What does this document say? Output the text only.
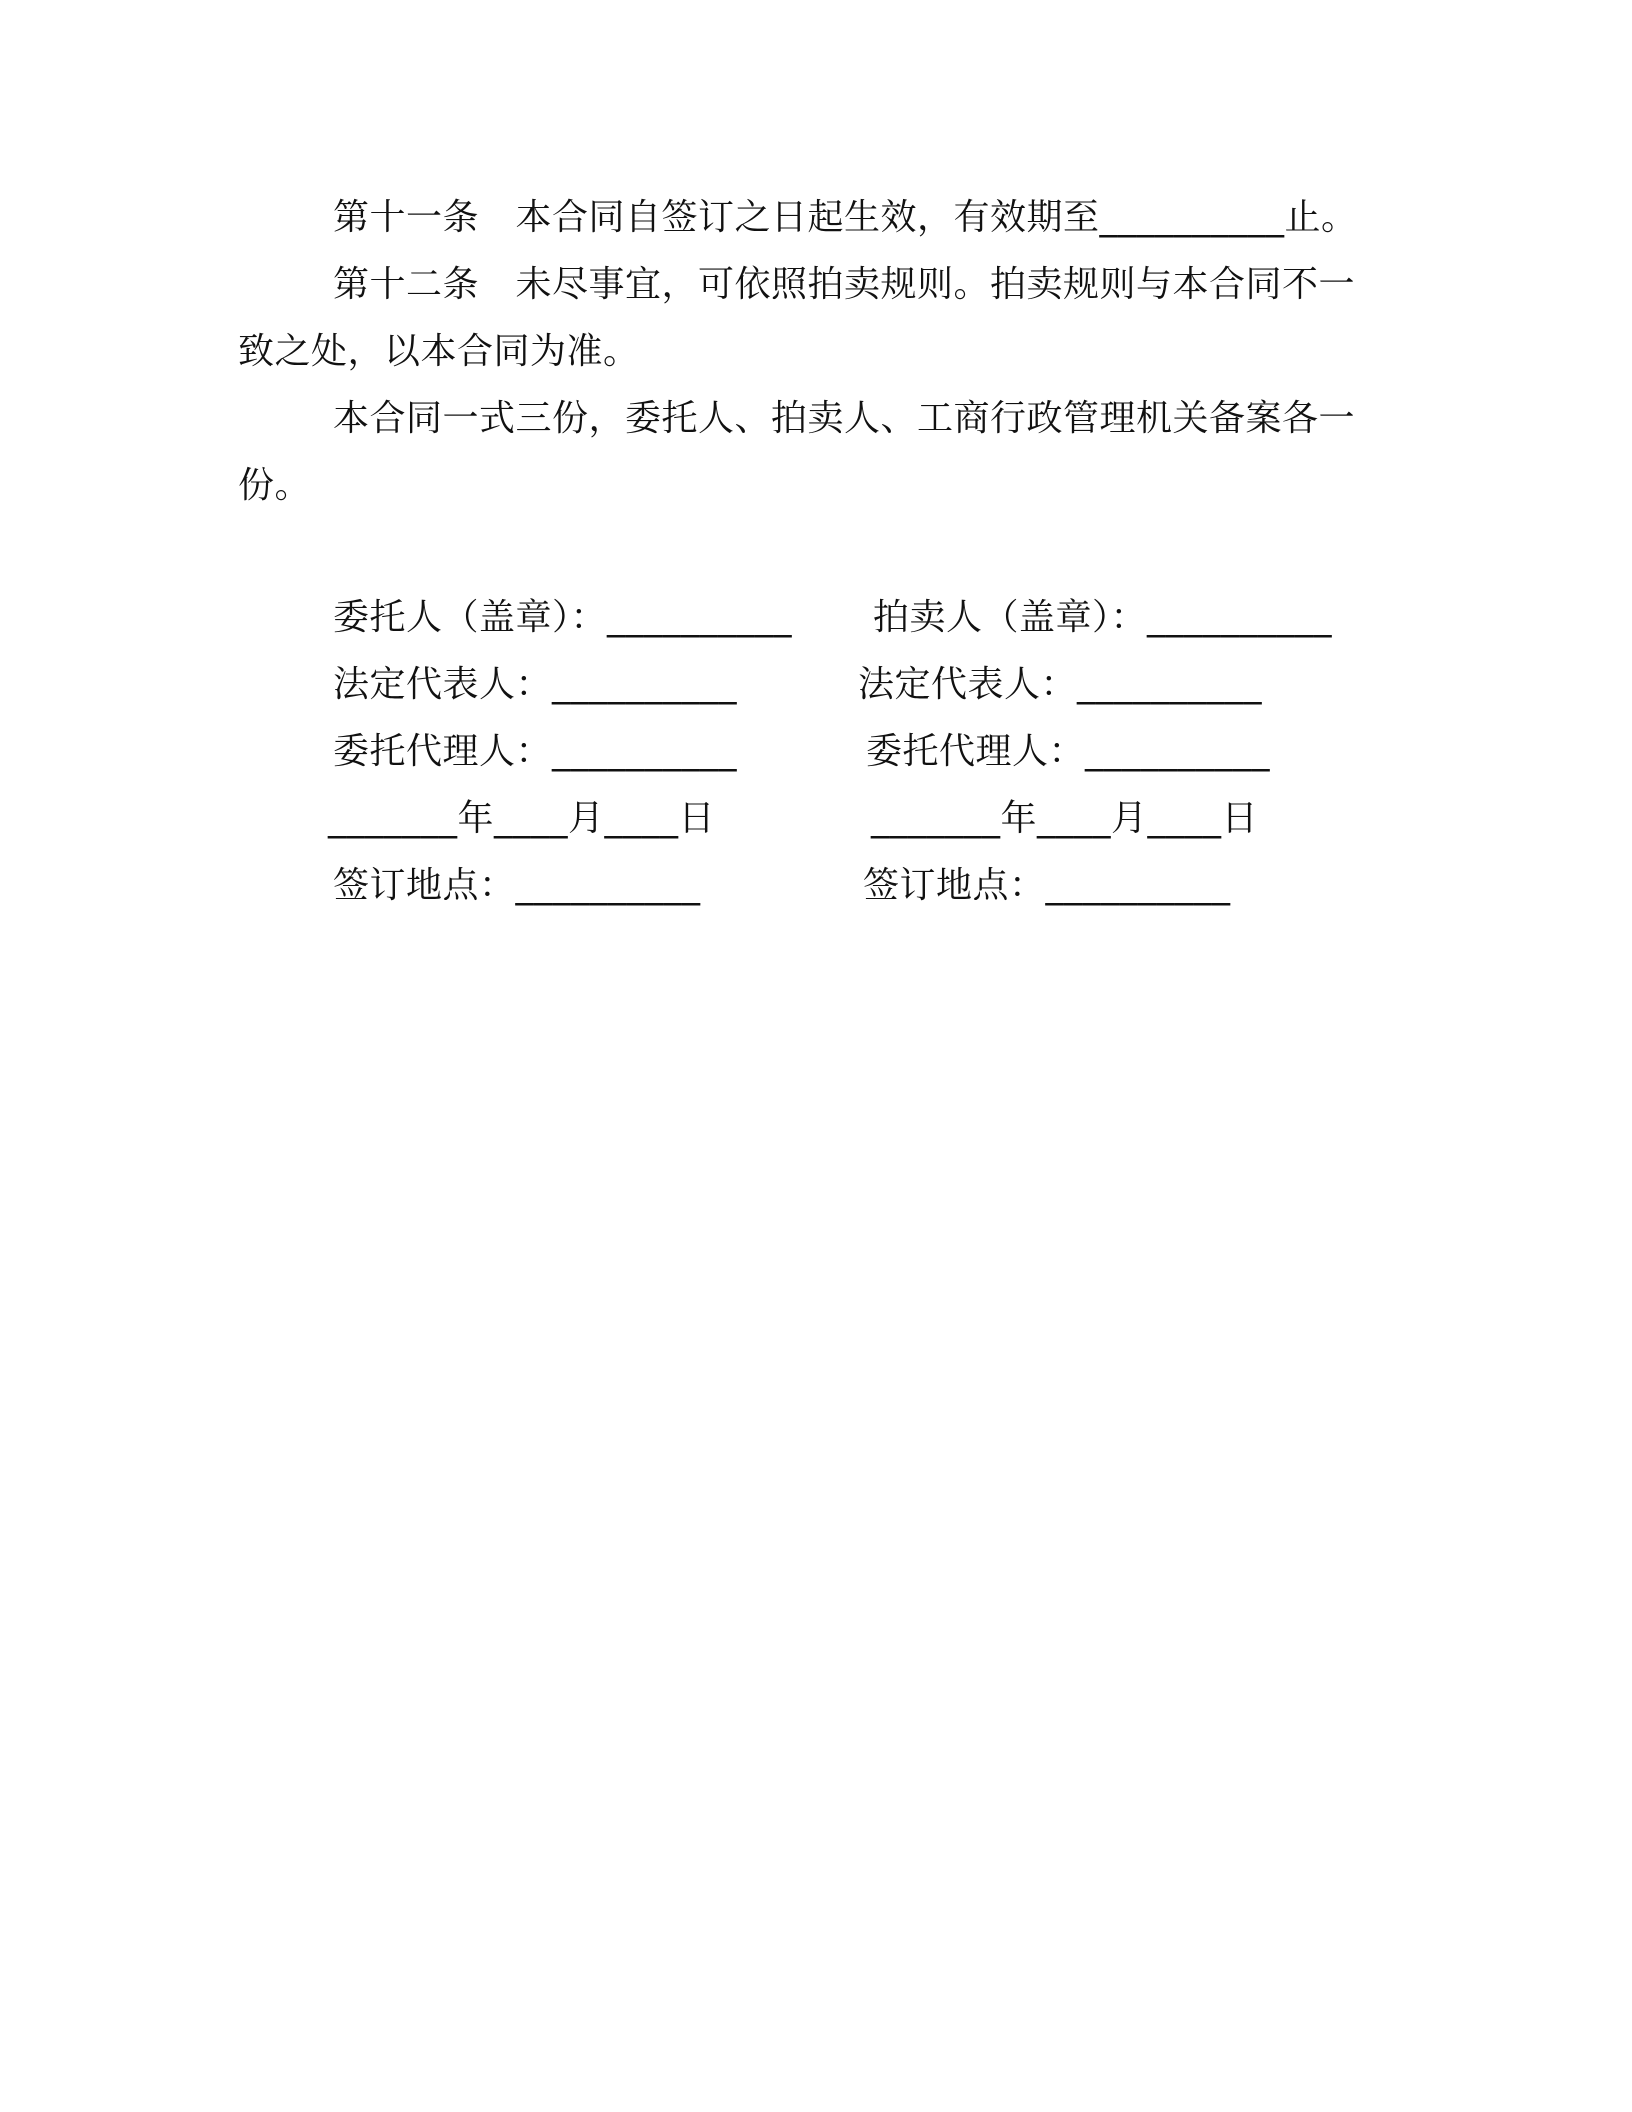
第十一条　本合同自签订之日起生效，有效期至__________止。
第十二条　未尽事宜，可依照拍卖规则。拍卖规则与本合同不一致之处，以本合同为准。
本合同一式三份，委托人、拍卖人、工商行政管理机关备案各一份。
委托人（盖章）：__________ 拍卖人（盖章）：__________
法定代表人：__________	法定代表人：__________
委托代理人：__________	委托代理人：__________
_______年____月____日	_______年____月____日
签订地点：__________	签订地点：__________
